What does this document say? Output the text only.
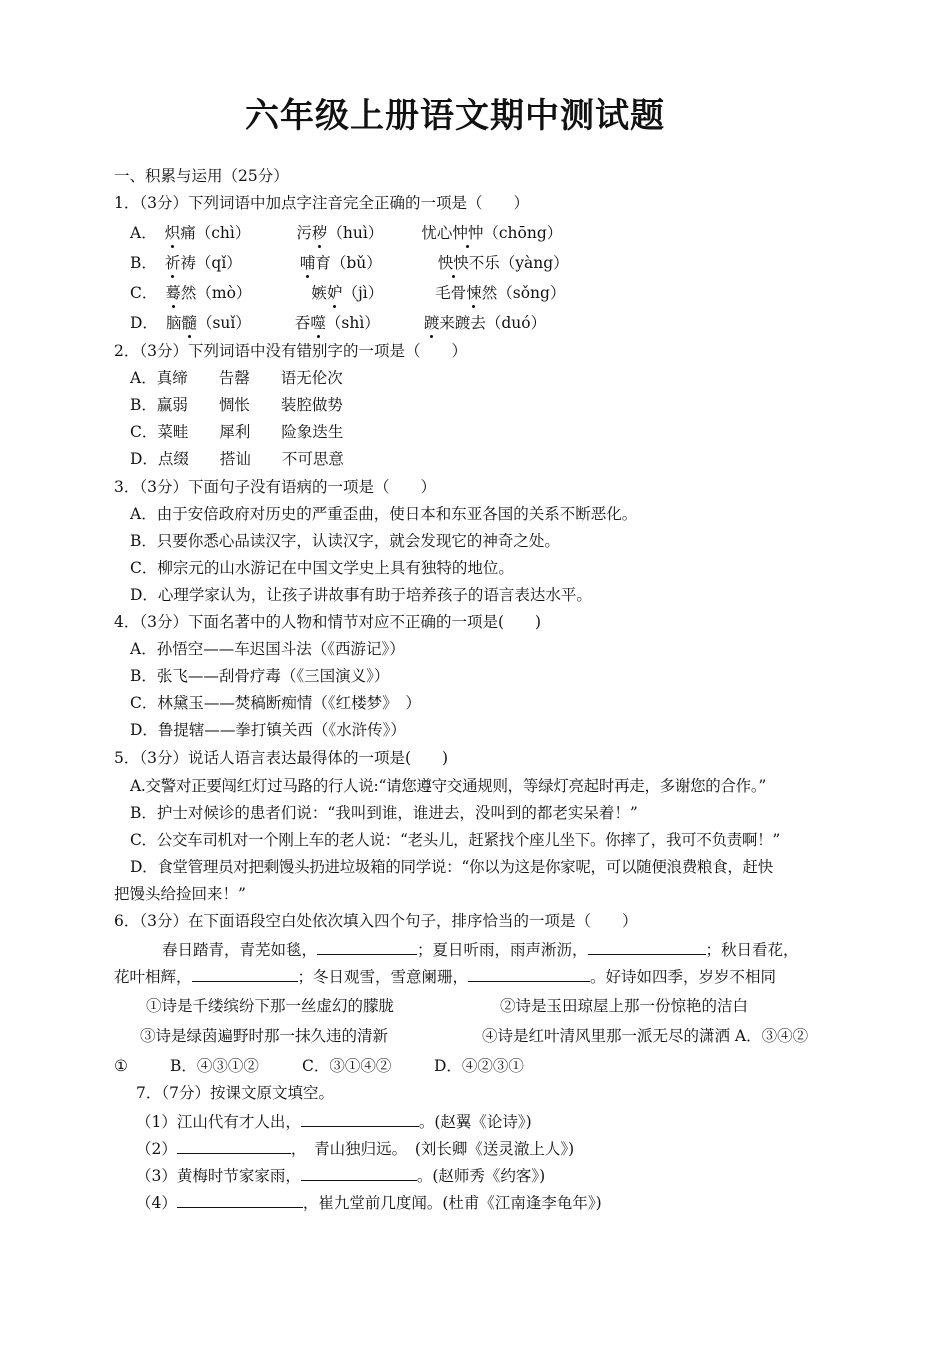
六年级上册语文期中测试题
一、积累与运用（25分）
1．（3分）下列词语中加点字注音完全正确的一项是（　　）
A． 炽痛（chì）	污秽（huì） 忧心忡忡（chōng）
B． 祈祷（qǐ）	哺育（bǔ）	怏怏不乐（yàng）
C． 蓦然（mò）	嫉妒（jì）	毛骨悚然（sǒng）
D． 脑髓（suǐ）	吞噬（shì）	踱来踱去（duó）
2．（3分）下列词语中没有错别字的一项是（　　）
A．真缔　　告罄　　语无伦次
B．赢弱　　惆怅　　装腔做势
C．菜畦　　犀利　　险象迭生
D．点缀　　搭讪　　不可思意
3．（3分）下面句子没有语病的一项是（　　）
A．由于安倍政府对历史的严重歪曲，使日本和东亚各国的关系不断恶化。
B．只要你悉心品读汉字，认读汉字，就会发现它的神奇之处。
C．柳宗元的山水游记在中国文学史上具有独特的地位。
D．心理学家认为，让孩子讲故事有助于培养孩子的语言表达水平。
4．（3分）下面名著中的人物和情节对应不正确的一项是(　　)
A．孙悟空——车迟国斗法（《西游记》）
B．张飞——刮骨疗毒（《三国演义》）
C．林黛玉——焚稿断痴情（《红楼梦》　）
D．鲁提辖——拳打镇关西（《水浒传》）
5．（3分）说话人语言表达最得体的一项是(　　)
A.交警对正要闯红灯过马路的行人说:“请您遵守交通规则，等绿灯亮起时再走，多谢您的合作。”
B．护士对候诊的患者们说：“我叫到谁，谁进去，没叫到的都老实呆着！”
C．公交车司机对一个刚上车的老人说：“老头儿，赶紧找个座儿坐下。你摔了，我可不负责啊！”
D．食堂管理员对把剩馒头扔进垃圾箱的同学说：“你以为这是你家呢，可以随便浪费粮食，赶快
把馒头给捡回来！”
6．（3分）在下面语段空白处依次填入四个句子，排序恰当的一项是（　　）
春日踏青，青芜如毯，	；夏日听雨，雨声淅沥，	；秋日看花，
花叶相辉，	；冬日观雪，雪意阑珊，	。好诗如四季，岁岁不相同
①诗是千缕缤纷下那一丝虚幻的朦胧	②诗是玉田琼屋上那一份惊艳的洁白
③诗是绿茵遍野时那一抹久违的清新	④诗是红叶清风里那一派无尽的潇洒 A．③④②
①	B．④③①②	C．③①④②	D．④②③①
7．（7分）按课文原文填空。
（1）江山代有才人出，	。(赵翼《论诗》)
（2）	，　青山独归远。　(刘长卿《送灵澈上人》)
（3）黄梅时节家家雨，	。(赵师秀《约客》)
（4）	，崔九堂前几度闻。(杜甫《江南逢李龟年》)
